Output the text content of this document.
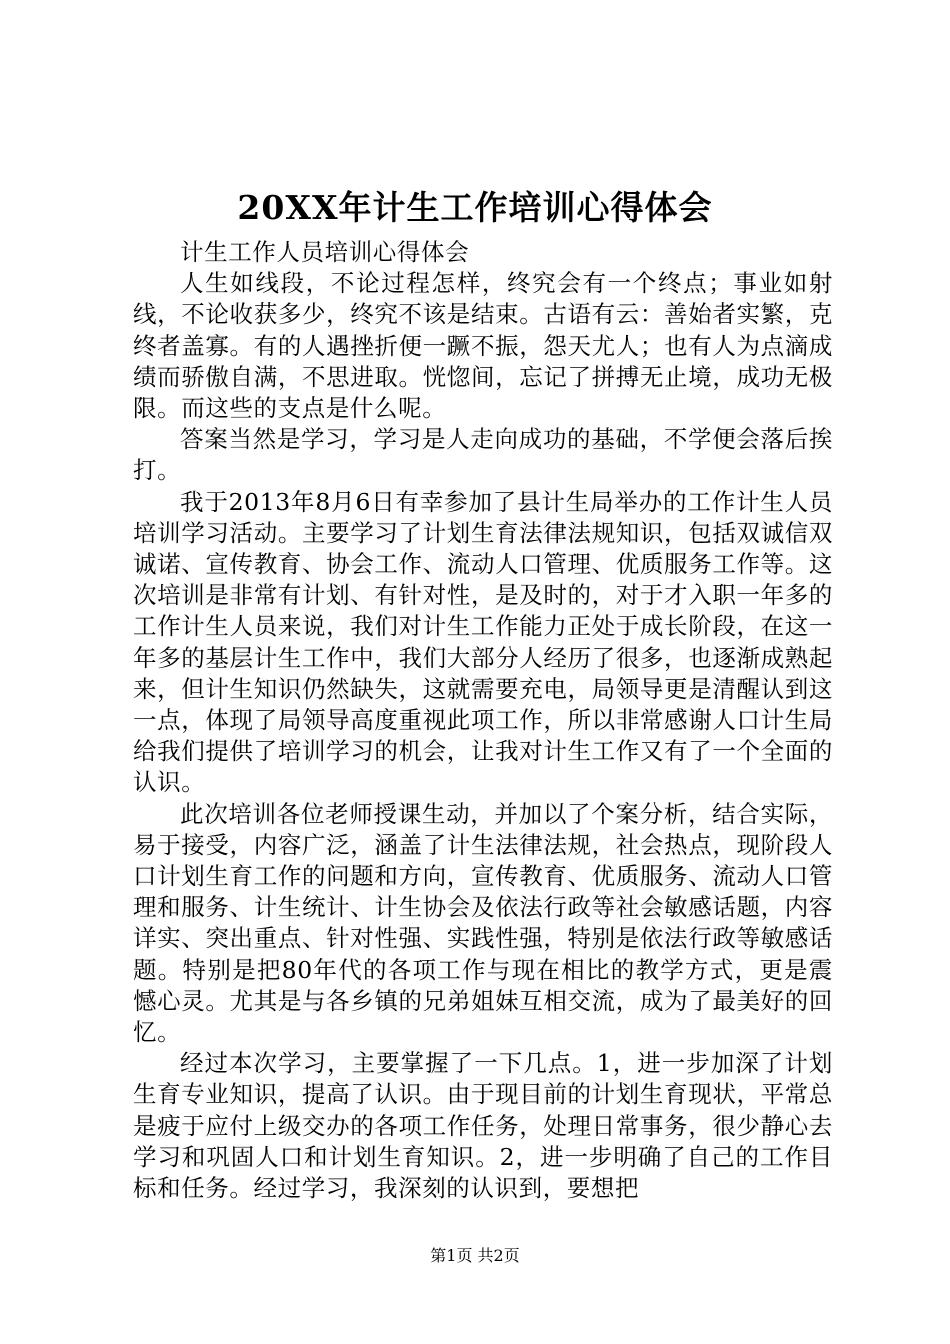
20XX年计生工作培训心得体会

计生工作人员培训心得体会

人生如线段，不论过程怎样，终究会有一个终点；事业如射线，不论收获多少，终究不该是结束。古语有云：善始者实繁，克终者盖寡。有的人遇挫折便一蹶不振，怨天尤人；也有人为点滴成绩而骄傲自满，不思进取。恍惚间，忘记了拼搏无止境，成功无极限。而这些的支点是什么呢。

答案当然是学习，学习是人走向成功的基础，不学便会落后挨打。

我于2013年8月6日有幸参加了县计生局举办的工作计生人员培训学习活动。主要学习了计划生育法律法规知识，包括双诚信双诚诺、宣传教育、协会工作、流动人口管理、优质服务工作等。这次培训是非常有计划、有针对性，是及时的，对于才入职一年多的工作计生人员来说，我们对计生工作能力正处于成长阶段，在这一年多的基层计生工作中，我们大部分人经历了很多，也逐渐成熟起来，但计生知识仍然缺失，这就需要充电，局领导更是清醒认到这一点，体现了局领导高度重视此项工作，所以非常感谢人口计生局给我们提供了培训学习的机会，让我对计生工作又有了一个全面的认识。

此次培训各位老师授课生动，并加以了个案分析，结合实际，易于接受，内容广泛，涵盖了计生法律法规，社会热点，现阶段人口计划生育工作的问题和方向，宣传教育、优质服务、流动人口管理和服务、计生统计、计生协会及依法行政等社会敏感话题，内容详实、突出重点、针对性强、实践性强，特别是依法行政等敏感话题。特别是把80年代的各项工作与现在相比的教学方式，更是震憾心灵。尤其是与各乡镇的兄弟姐妹互相交流，成为了最美好的回忆。

经过本次学习，主要掌握了一下几点。1，进一步加深了计划生育专业知识，提高了认识。由于现目前的计划生育现状，平常总是疲于应付上级交办的各项工作任务，处理日常事务，很少静心去学习和巩固人口和计划生育知识。2，进一步明确了自己的工作目标和任务。经过学习，我深刻的认识到，要想把

第1页 共2页
